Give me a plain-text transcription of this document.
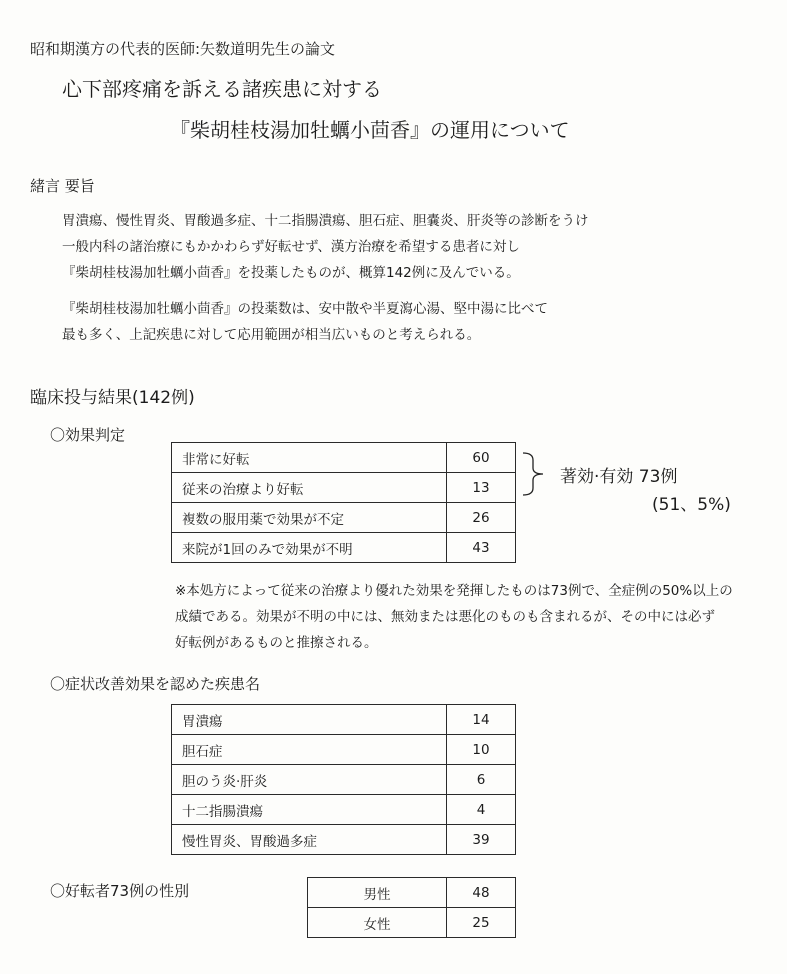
昭和期漢方の代表的医師:矢数道明先生の論文
心下部疼痛を訴える諸疾患に対する
『柴胡桂枝湯加牡蠣小茴香』の運用について
緒言 要旨
胃潰瘍、慢性胃炎、胃酸過多症、十二指腸潰瘍、胆石症、胆嚢炎、肝炎等の診断をうけ
一般内科の諸治療にもかかわらず好転せず、漢方治療を希望する患者に対し
『柴胡桂枝湯加牡蠣小茴香』を投薬したものが、概算142例に及んでいる。
『柴胡桂枝湯加牡蠣小茴香』の投薬数は、安中散や半夏瀉心湯、堅中湯に比べて
最も多く、上記疾患に対して応用範囲が相当広いものと考えられる。
臨床投与結果(142例)
〇効果判定
非常に好転	60
従来の治療より好転	13
複数の服用薬で効果が不定	26
来院が1回のみで効果が不明	43
著効·有効 73例
(51、5%)
※本処方によって従来の治療より優れた効果を発揮したものは73例で、全症例の50%以上の
成績である。効果が不明の中には、無効または悪化のものも含まれるが、その中には必ず
好転例があるものと推擦される。
〇症状改善効果を認めた疾患名
胃潰瘍	14
胆石症	10
胆のう炎·肝炎	6
十二指腸潰瘍	4
慢性胃炎、胃酸過多症	39
〇好転者73例の性別	男性	48
女性	25
